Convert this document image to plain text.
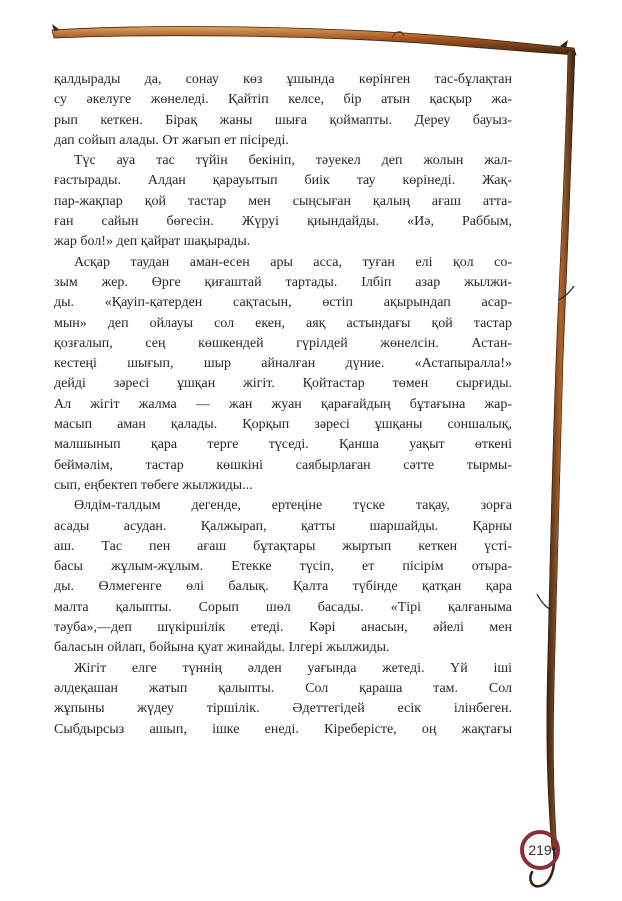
қалдырады да, сонау көз ұшында көрінген тас-бұлақтан
су әкелуге жөнеледі. Қайтіп келсе, бір атын қасқыр жа-
рып кеткен. Бірақ жаны шыға қоймапты. Дереу бауыз-
дап сойып алады. От жағып ет пісіреді.
Түс ауа тас түйін бекініп, тәуекел деп жолын жал-
ғастырады. Алдан қарауытып биік тау көрінеді. Жақ-
пар-жақпар қой тастар мен сыңсыған қалың ағаш атта-
ған сайын бөгесін. Жүруі қиындайды. «Иә, Раббым,
жар бол!» деп қайрат шақырады.
Асқар таудан аман-есен ары асса, туған елі қол со-
зым жер. Өрге қиғаштай тартады. Ілбіп азар жылжи-
ды. «Қауіп-қатерден сақтасын, өстіп ақырындап асар-
мын» деп ойлауы сол екен, аяқ астындағы қой тастар
қозғалып, сең көшкендей гүрілдей жөнелсін. Астан-
кестеңі шығып, шыр айналған дүние. «Астапыралла!»
дейді зәресі ұшқан жігіт. Қойтастар төмен сырғиды.
Ал жігіт жалма — жан жуан қарағайдың бұтағына жар-
масып аман қалады. Қорқып зәресі ұшқаны соншалық,
малшынып қара терге түседі. Қанша уақыт өткені
беймәлім, тастар көшкіні саябырлаған сәтте тырмы-
сып, еңбектеп төбеге жылжиды...
Өлдім-талдым дегенде, ертеңіне түске тақау, зорға
асады асудан. Қалжырап, қатты шаршайды. Қарны
аш. Тас пен ағаш бұтақтары жыртып кеткен үсті-
басы жұлым-жұлым. Етекке түсіп, ет пісірім отыра-
ды. Өлмегенге өлі балық. Қалта түбінде қатқан қара
малта қалыпты. Сорып шөл басады. «Тірі қалғаныма
тәуба»,—деп шүкіршілік етеді. Кәрі анасын, әйелі мен
баласын ойлап, бойына қуат жинайды. Ілгері жылжиды.
Жігіт елге түннің әлден уағында жетеді. Үй іші
әлдеқашан жатып қалыпты. Сол қараша там. Сол
жұпыны жүдеу тіршілік. Әдеттегідей есік ілінбеген.
Сыбдырсыз ашып, ішке енеді. Кіреберісте, оң жақтағы
219
